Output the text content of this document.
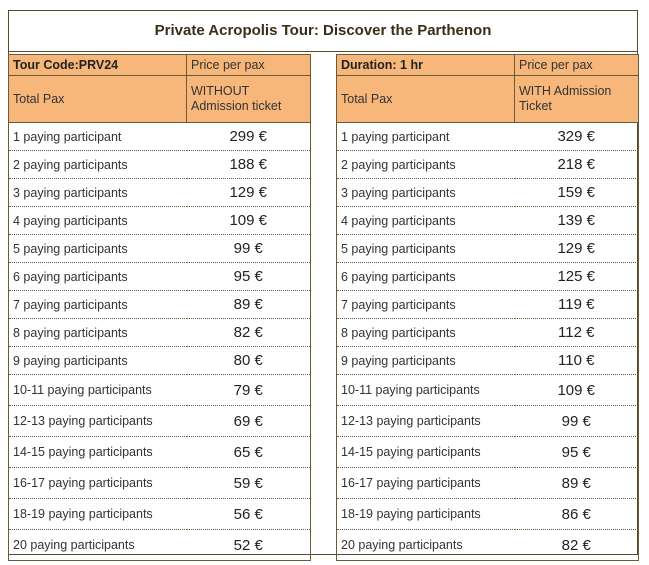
Private Acropolis Tour: Discover the Parthenon
Tour Code:PRV24	Price per pax
Total Pax	WITHOUT
Admission ticket
1 paying participant	299 €
2 paying participants	188 €
3 paying participants	129 €
4 paying participants	109 €
5 paying participants	99 €
6 paying participants	95 €
7 paying participants	89 €
8 paying participants	82 €
9 paying participants	80 €
10-11 paying participants	79 €
12-13 paying participants	69 €
14-15 paying participants	65 €
16-17 paying participants	59 €
18-19 paying participants	56 €
20 paying participants	52 €
Duration: 1 hr	Price per pax
Total Pax	WITH Admission Ticket
1 paying participant	329 €
2 paying participants	218 €
3 paying participants	159 €
4 paying participants	139 €
5 paying participants	129 €
6 paying participants	125 €
7 paying participants	119 €
8 paying participants	112 €
9 paying participants	110 €
10-11 paying participants	109 €
12-13 paying participants	99 €
14-15 paying participants	95 €
16-17 paying participants	89 €
18-19 paying participants	86 €
20 paying participants	82 €
